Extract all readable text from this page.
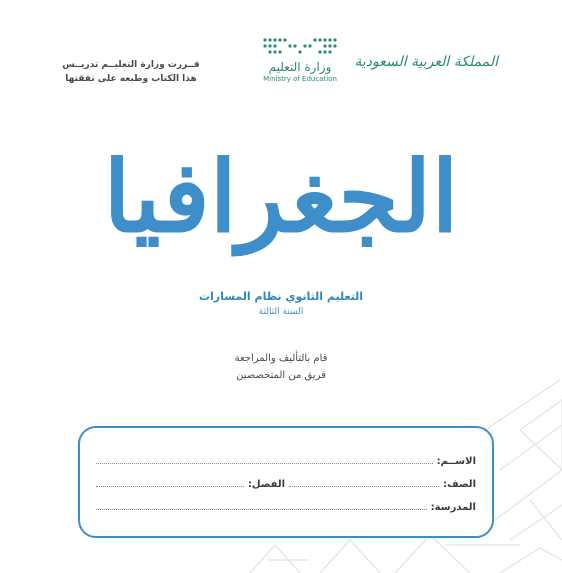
المملكة العربية السعودية
وزارة التعليم
Ministry of Education
قــررت وزارة التعليــم تدريــس
هذا الكتاب وطبعه على نفقتها
الجغرافيا
التعليم الثانوي نظام المسارات
السنة الثالثة
قام بالتأليف والمراجعة
فريق من المتخصصين
الاســم:
الصف:
الفصل:
المدرسة:
